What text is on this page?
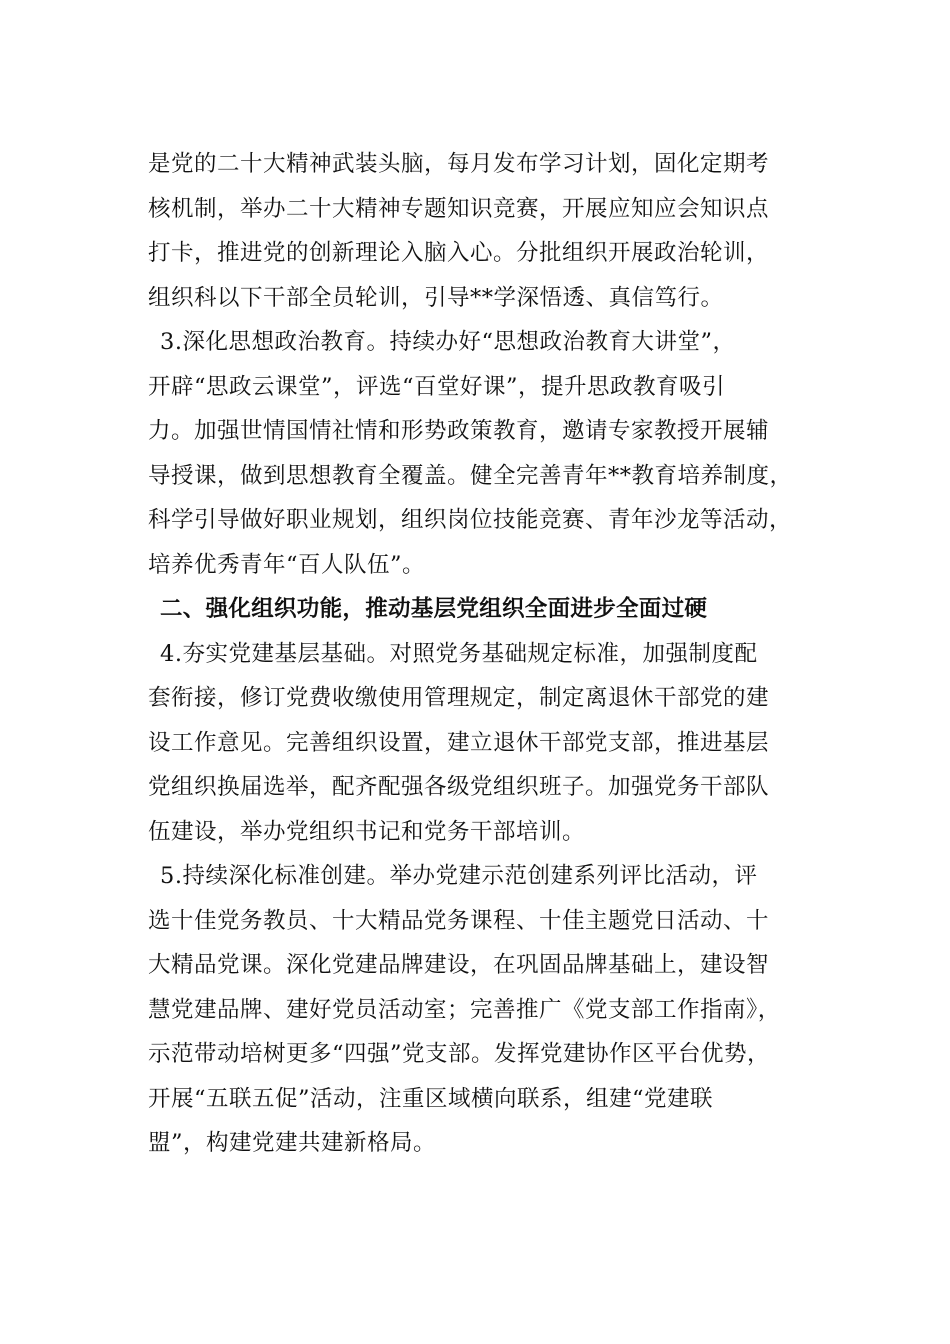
是党的二十大精神武装头脑，每月发布学习计划，固化定期考
核机制，举办二十大精神专题知识竞赛，开展应知应会知识点
打卡，推进党的创新理论入脑入心。分批组织开展政治轮训，
组织科以下干部全员轮训，引导**学深悟透、真信笃行。
3.深化思想政治教育。持续办好“思想政治教育大讲堂”，
开辟“思政云课堂”，评选“百堂好课”，提升思政教育吸引
力。加强世情国情社情和形势政策教育，邀请专家教授开展辅
导授课，做到思想教育全覆盖。健全完善青年**教育培养制度，
科学引导做好职业规划，组织岗位技能竞赛、青年沙龙等活动，
培养优秀青年“百人队伍”。
二、强化组织功能，推动基层党组织全面进步全面过硬
4.夯实党建基层基础。对照党务基础规定标准，加强制度配
套衔接，修订党费收缴使用管理规定，制定离退休干部党的建
设工作意见。完善组织设置，建立退休干部党支部，推进基层
党组织换届选举，配齐配强各级党组织班子。加强党务干部队
伍建设，举办党组织书记和党务干部培训。
5.持续深化标准创建。举办党建示范创建系列评比活动，评
选十佳党务教员、十大精品党务课程、十佳主题党日活动、十
大精品党课。深化党建品牌建设，在巩固品牌基础上，建设智
慧党建品牌、建好党员活动室；完善推广《党支部工作指南》，
示范带动培树更多“四强”党支部。发挥党建协作区平台优势，
开展“五联五促”活动，注重区域横向联系，组建“党建联
盟”，构建党建共建新格局。
